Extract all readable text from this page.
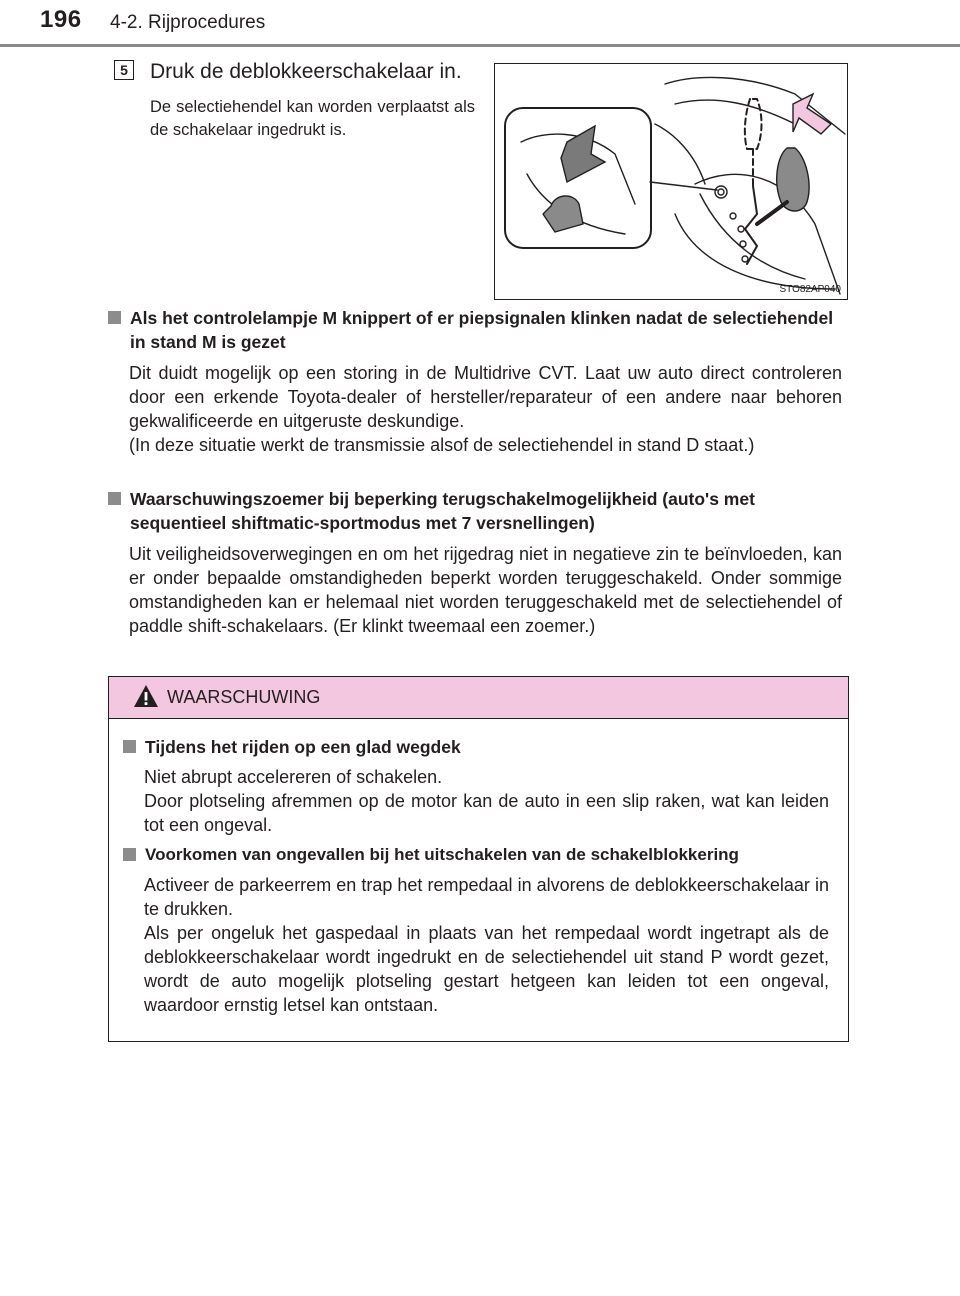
196 4-2. Rijprocedures
5 Druk de deblokkeerschakelaar in.
De selectiehendel kan worden verplaatst als de schakelaar ingedrukt is.
STO82AP040
Als het controlelampje M knippert of er piepsignalen klinken nadat de selectiehendel in stand M is gezet
Dit duidt mogelijk op een storing in de Multidrive CVT. Laat uw auto direct controleren door een erkende Toyota-dealer of hersteller/reparateur of een andere naar behoren gekwalificeerde en uitgeruste deskundige.
(In deze situatie werkt de transmissie alsof de selectiehendel in stand D staat.)
Waarschuwingszoemer bij beperking terugschakelmogelijkheid (auto's met sequentieel shiftmatic-sportmodus met 7 versnellingen)
Uit veiligheidsoverwegingen en om het rijgedrag niet in negatieve zin te beïnvloeden, kan er onder bepaalde omstandigheden beperkt worden teruggeschakeld. Onder sommige omstandigheden kan er helemaal niet worden teruggeschakeld met de selectiehendel of paddle shift-schakelaars. (Er klinkt tweemaal een zoemer.)
WAARSCHUWING
Tijdens het rijden op een glad wegdek
Niet abrupt accelereren of schakelen.
Door plotseling afremmen op de motor kan de auto in een slip raken, wat kan leiden tot een ongeval.
Voorkomen van ongevallen bij het uitschakelen van de schakelblokkering
Activeer de parkeerrem en trap het rempedaal in alvorens de deblokkeerschakelaar in te drukken.
Als per ongeluk het gaspedaal in plaats van het rempedaal wordt ingetrapt als de deblokkeerschakelaar wordt ingedrukt en de selectiehendel uit stand P wordt gezet, wordt de auto mogelijk plotseling gestart hetgeen kan leiden tot een ongeval, waardoor ernstig letsel kan ontstaan.
